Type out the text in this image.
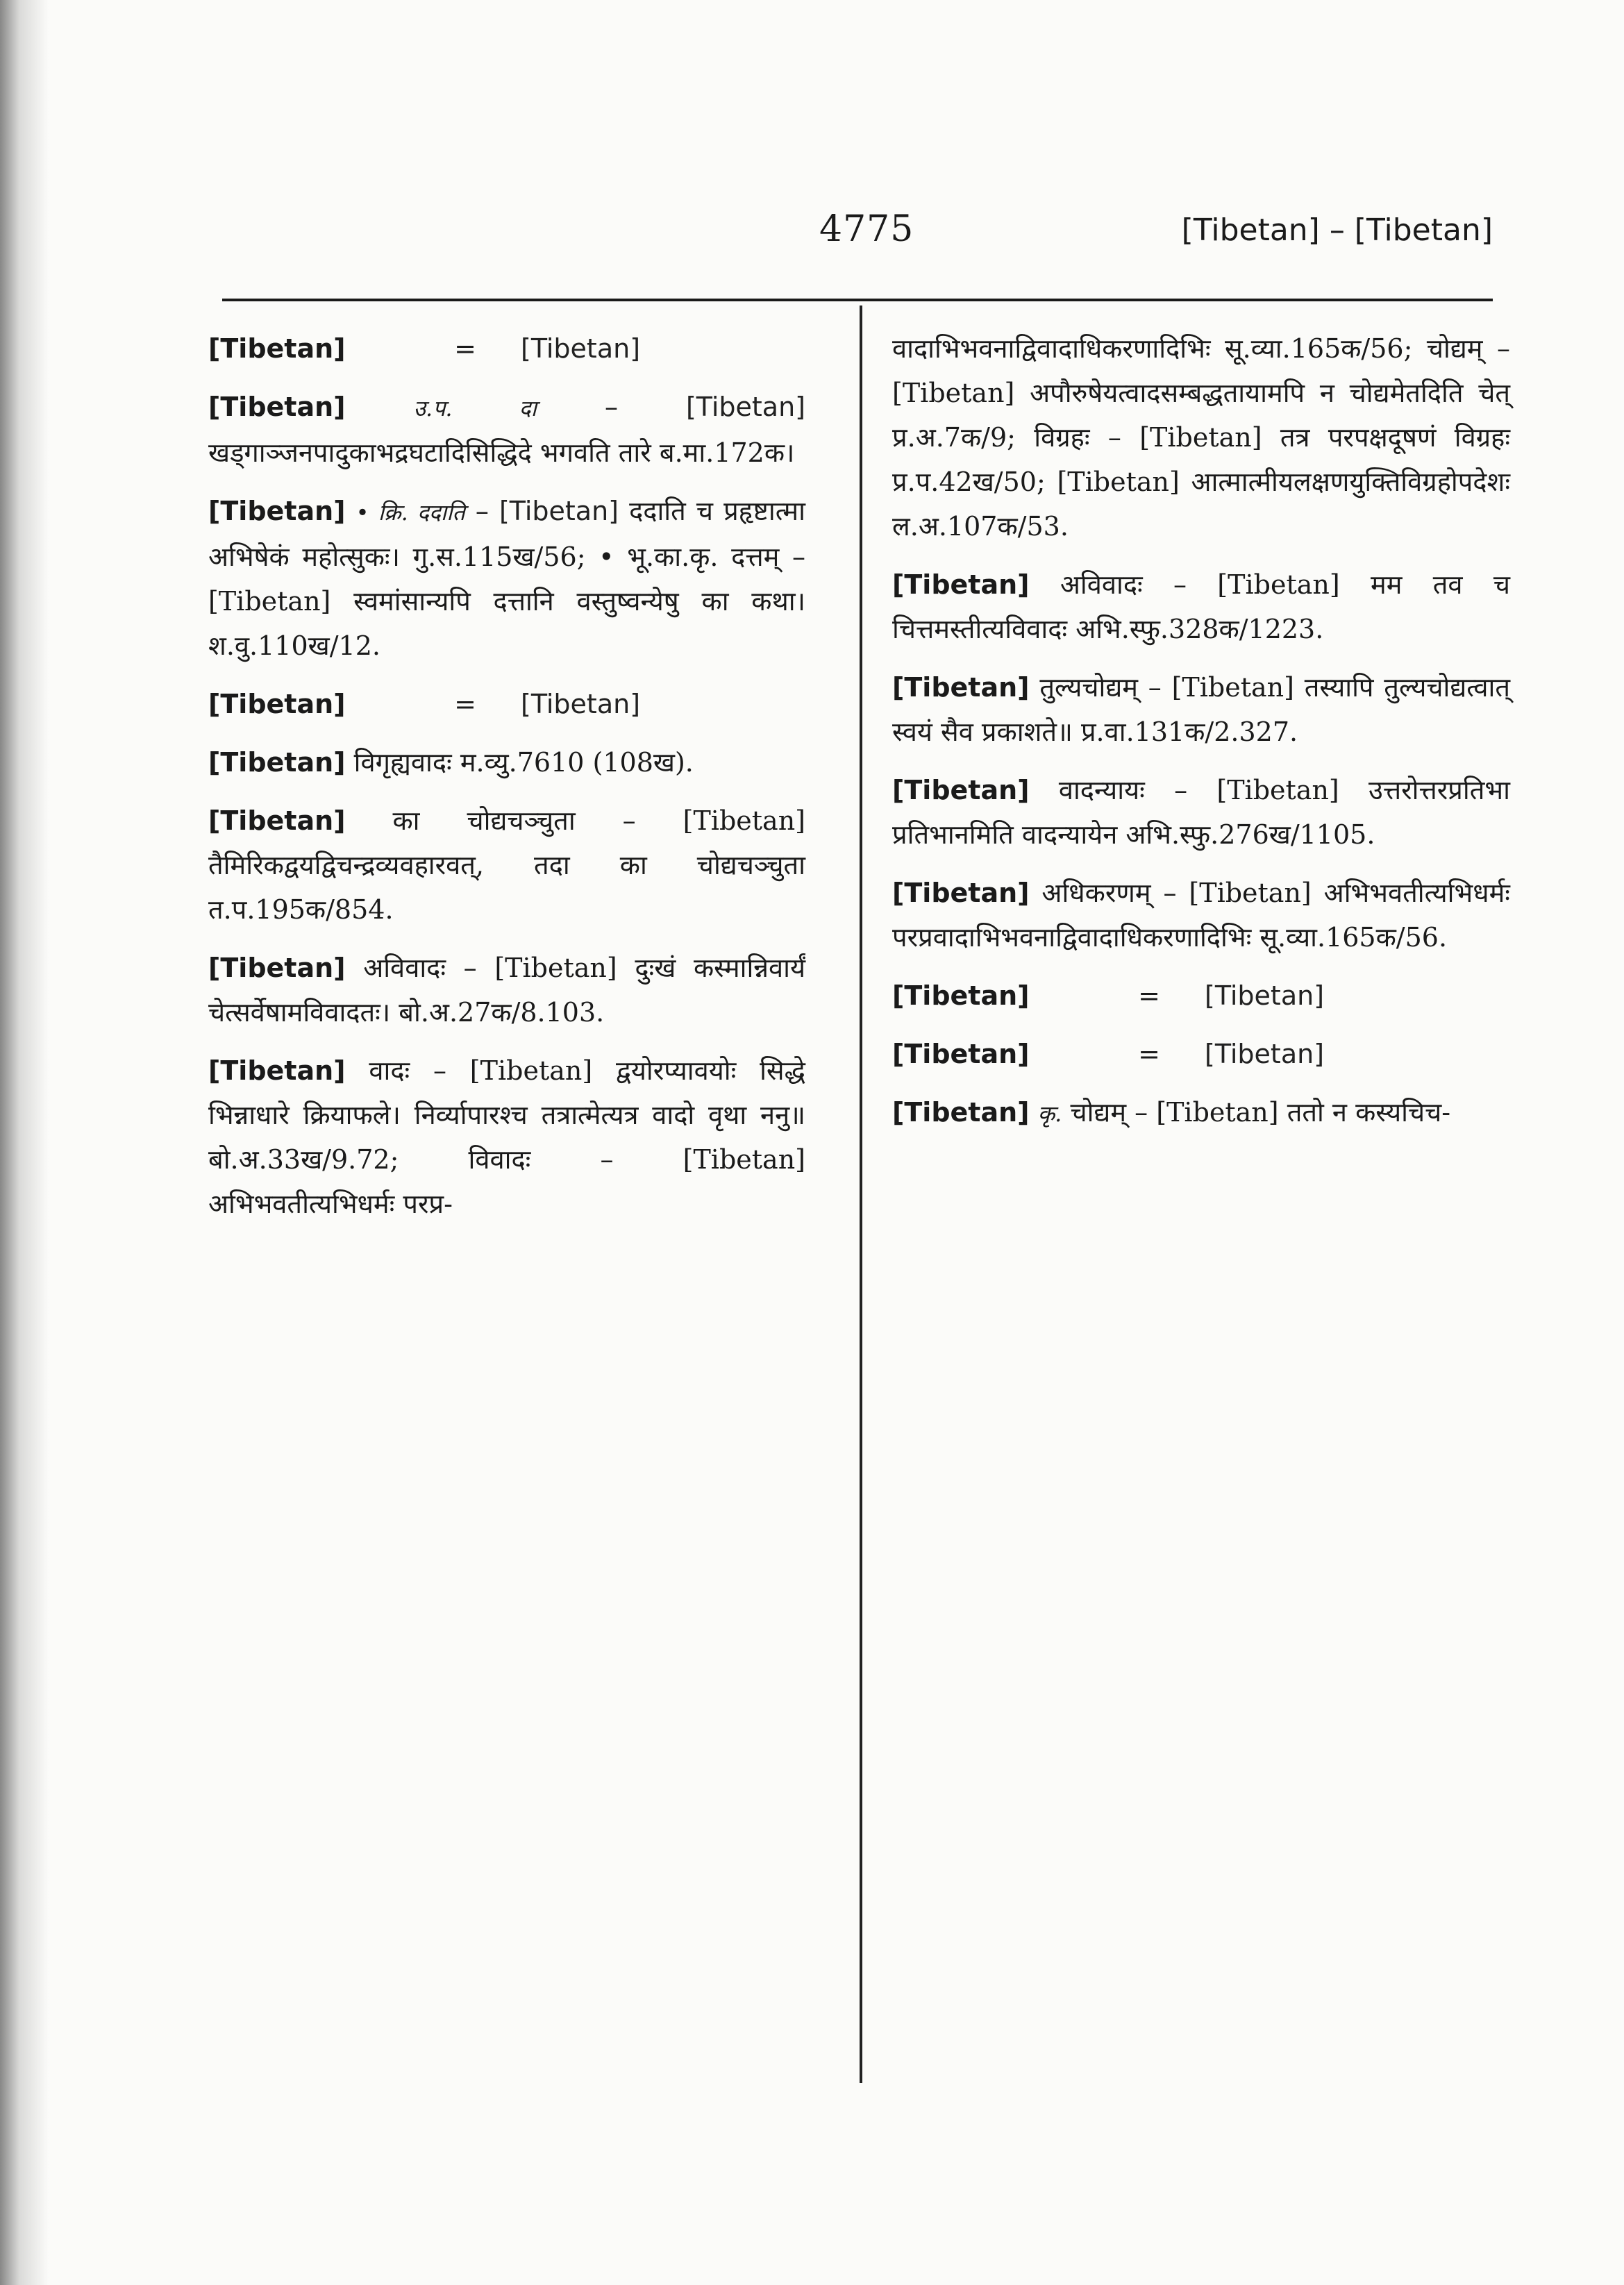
4775	[Tibetan] – [Tibetan]
[Tibetan]	=	[Tibetan]
[Tibetan]	उ.प. दा – [Tibetan] खड्गाञ्जनपादुकाभद्रघटादिसिद्धिदे भगवति तारे ब.मा.172क।
[Tibetan] • क्रि. ददाति – [Tibetan] ददाति च प्रहृष्टात्मा अभिषेकं महोत्सुकः। गु.स.115ख/56; • भू.का.कृ. दत्तम् – [Tibetan] स्वमांसान्यपि दत्तानि वस्तुष्वन्येषु का कथा। श.वु.110ख/12.
[Tibetan]	=	[Tibetan]
[Tibetan] विगृह्यवादः म.व्यु.7610 (108ख).
[Tibetan] का चोद्यचञ्चुता – [Tibetan] तैमिरिकद्वयद्विचन्द्रव्यवहारवत्, तदा का चोद्यचञ्चुता त.प.195क/854.
[Tibetan] अविवादः – [Tibetan] दुःखं कस्मान्निवार्यं चेत्सर्वेषामविवादतः। बो.अ.27क/8.103.
[Tibetan] वादः – [Tibetan] द्वयोरप्यावयोः सिद्धे भिन्नाधारे क्रियाफले। निर्व्यापारश्च तत्रात्मेत्यत्र वादो वृथा ननु॥ बो.अ.33ख/9.72; विवादः – [Tibetan] अभिभवतीत्यभिधर्मः परप्र-
वादाभिभवनाद्विवादाधिकरणादिभिः सू.व्या.165क/56; चोद्यम् – [Tibetan] अपौरुषेयत्वादसम्बद्धतायामपि न चोद्यमेतदिति चेत् प्र.अ.7क/9; विग्रहः – [Tibetan] तत्र परपक्षदूषणं विग्रहः प्र.प.42ख/50; [Tibetan] आत्मात्मीयलक्षणयुक्तिविग्रहोपदेशः ल.अ.107क/53.
[Tibetan] अविवादः – [Tibetan] मम तव च चित्तमस्तीत्यविवादः अभि.स्फु.328क/1223.
[Tibetan] तुल्यचोद्यम् – [Tibetan] तस्यापि तुल्यचोद्यत्वात् स्वयं सैव प्रकाशते॥ प्र.वा.131क/2.327.
[Tibetan] वादन्यायः – [Tibetan] उत्तरोत्तरप्रतिभा प्रतिभानमिति वादन्यायेन अभि.स्फु.276ख/1105.
[Tibetan] अधिकरणम् – [Tibetan] अभिभवतीत्यभिधर्मः परप्रवादाभिभवनाद्विवादाधिकरणादिभिः सू.व्या.165क/56.
[Tibetan]	=	[Tibetan]
[Tibetan]	=	[Tibetan]
[Tibetan] कृ. चोद्यम् – [Tibetan] ततो न कस्यचिच-
